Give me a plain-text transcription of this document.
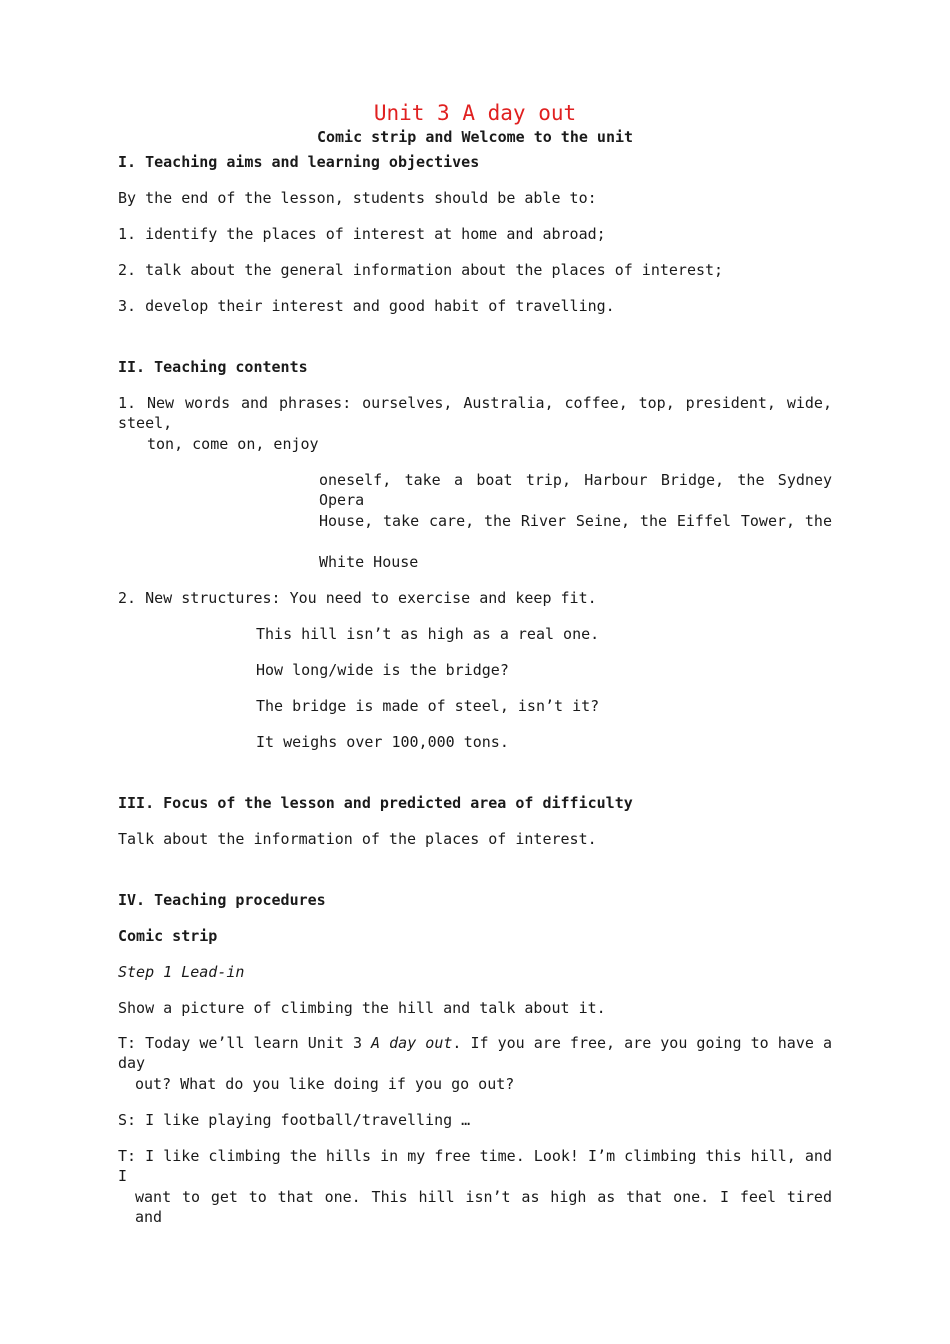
Unit 3 A day out
Comic strip and Welcome to the unit
I. Teaching aims and learning objectives
By the end of the lesson, students should be able to:
1. identify the places of interest at home and abroad;
2. talk about the general information about the places of interest;
3. develop their interest and good habit of travelling.
II. Teaching contents
1. New words and phrases: ourselves, Australia, coffee, top, president, wide, steel,
ton, come on, enjoy
oneself, take a boat trip, Harbour Bridge, the Sydney Opera
House, take care, the River Seine, the Eiffel Tower, the
White House
2. New structures: You need to exercise and keep fit.
This hill isn’t as high as a real one.
How long/wide is the bridge?
The bridge is made of steel, isn’t it?
It weighs over 100,000 tons.
III. Focus of the lesson and predicted area of difficulty
Talk about the information of the places of interest.
IV. Teaching procedures
Comic strip
Step 1 Lead-in
Show a picture of climbing the hill and talk about it.
T: Today we’ll learn Unit 3 A day out. If you are free, are you going to have a day
out? What do you like doing if you go out?
S: I like playing football/travelling …
T: I like climbing the hills in my free time. Look! I’m climbing this hill, and I
want to get to that one. This hill isn’t as high as that one. I feel tired and
